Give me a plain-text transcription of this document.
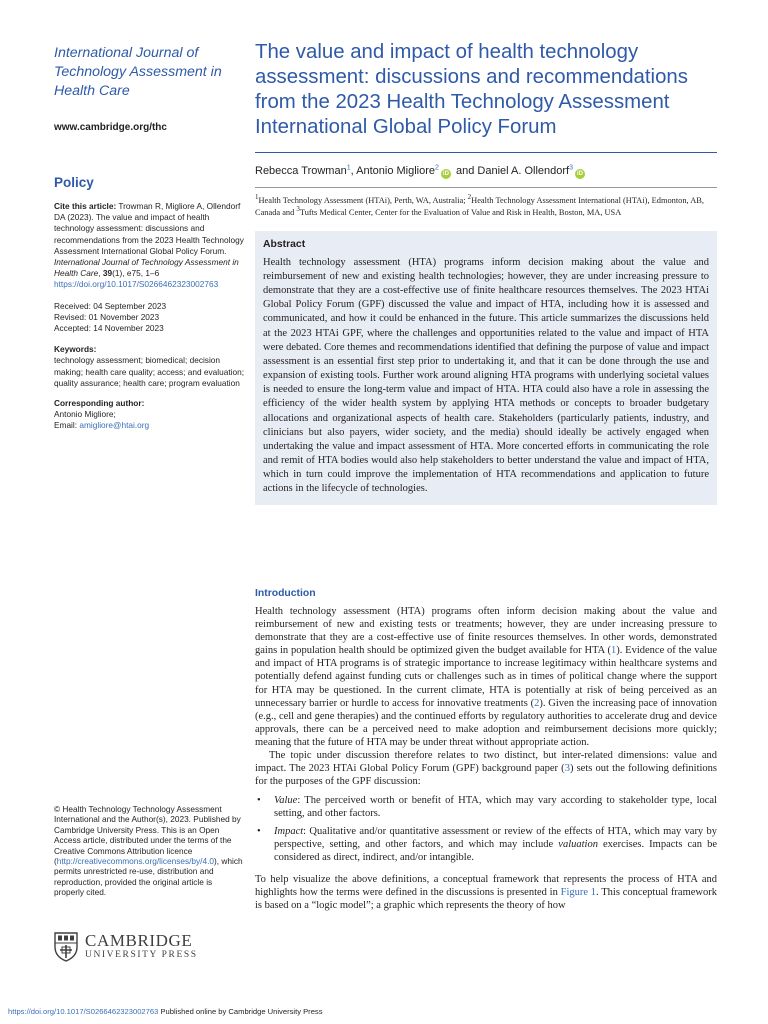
International Journal of Technology Assessment in Health Care
www.cambridge.org/thc
Policy
Cite this article: Trowman R, Migliore A, Ollendorf DA (2023). The value and impact of health technology assessment: discussions and recommendations from the 2023 Health Technology Assessment International Global Policy Forum. International Journal of Technology Assessment in Health Care, 39(1), e75, 1–6
https://doi.org/10.1017/S0266462323002763
Received: 04 September 2023
Revised: 01 November 2023
Accepted: 14 November 2023
Keywords:
technology assessment; biomedical; decision making; health care quality; access; and evaluation; quality assurance; health care; program evaluation
Corresponding author:
Antonio Migliore;
Email: amigliore@htai.org
© Health Technology Technology Assessment International and the Author(s), 2023. Published by Cambridge University Press. This is an Open Access article, distributed under the terms of the Creative Commons Attribution licence (http://creativecommons.org/licenses/by/4.0), which permits unrestricted re-use, distribution and reproduction, provided the original article is properly cited.
CAMBRIDGE
UNIVERSITY PRESS
https://doi.org/10.1017/S0266462323002763 Published online by Cambridge University Press
The value and impact of health technology assessment: discussions and recommendations from the 2023 Health Technology Assessment International Global Policy Forum
Rebecca Trowman$^1$, Antonio Migliore$^2$iD and Daniel A. Ollendorf$^3$iD
$^1$Health Technology Assessment (HTAi), Perth, WA, Australia; $^2$Health Technology Assessment International (HTAi), Edmonton, AB, Canada and $^3$Tufts Medical Center, Center for the Evaluation of Value and Risk in Health, Boston, MA, USA
Abstract
Health technology assessment (HTA) programs inform decision making about the value and reimbursement of new and existing health technologies; however, they are under increasing pressure to demonstrate that they are a cost-effective use of finite healthcare resources themselves. The 2023 HTAi Global Policy Forum (GPF) discussed the value and impact of HTA, including how it is assessed and communicated, and how it could be enhanced in the future. This article summarizes the discussions held at the 2023 HTAi GPF, where the challenges and opportunities related to the value and impact of HTA were debated. Core themes and recommendations identified that defining the purpose of value and impact assessment is an essential first step prior to undertaking it, and that it can be done through the use and expansion of existing tools. Further work around aligning HTA programs with underlying societal values is needed to ensure the long-term value and impact of HTA. HTA could also have a role in assessing the efficiency of the wider health system by applying HTA methods or concepts to broader budgetary allocations and organizational aspects of health care. Stakeholders (particularly patients, industry, and clinicians but also payers, wider society, and the media) should ideally be actively engaged when undertaking the value and impact assessment of HTA. More concerted efforts in communicating the role and remit of HTA bodies would also help stakeholders to better understand the value and impact of HTA, which in turn could improve the implementation of HTA recommendations and application to future actions in the lifecycle of technologies.
Introduction

Health technology assessment (HTA) programs often inform decision making about the value and reimbursement of new and existing tests or treatments; however, they are under increasing pressure to demonstrate that they are a cost-effective use of finite resources themselves. In other words, demonstrated gains in population health should be optimized given the budget available for HTA (1). Evidence of the value and impact of HTA programs is of strategic importance to increase legitimacy within healthcare systems and potentially defend against funding cuts or challenges such as in times of political change where the support for HTA may be questioned. In the current climate, HTA is potentially at risk of being perceived as an unnecessary barrier or hurdle to access for innovative treatments (2). Given the increasing pace of innovation (e.g., cell and gene therapies) and the continued efforts by regulatory authorities to accelerate drug and device approvals, there can be a perceived need to make adoption and reimbursement decisions more quickly; meaning that the future of HTA may be under threat without appropriate action.

The topic under discussion therefore relates to two distinct, but inter-related dimensions: value and impact. The 2023 HTAi Global Policy Forum (GPF) background paper (3) sets out the following definitions for the purposes of the GPF discussion:

• Value: The perceived worth or benefit of HTA, which may vary according to stakeholder type, local setting, and other factors.
• Impact: Qualitative and/or quantitative assessment or review of the effects of HTA, which may vary by perspective, setting, and other factors, and which may include valuation exercises. Impacts can be considered as direct, indirect, and/or intangible.

To help visualize the above definitions, a conceptual framework that represents the process of HTA and highlights how the terms were defined in the discussions is presented in Figure 1. This conceptual framework is based on a “logic model”; a graphic which represents the theory of how
